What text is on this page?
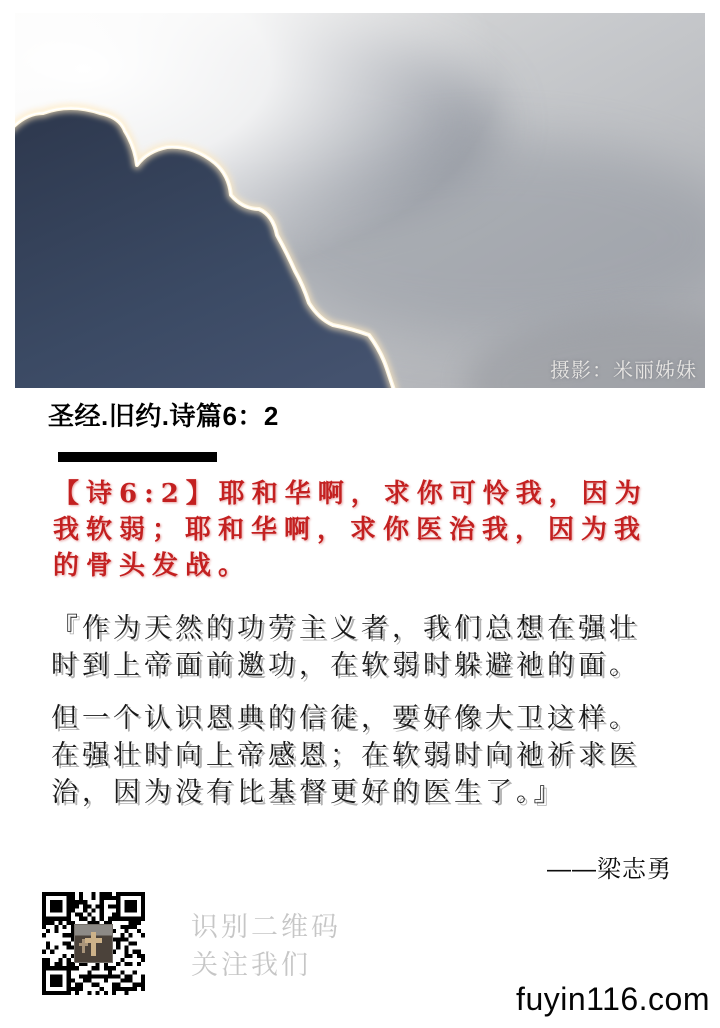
摄影：米丽姊妹
圣经.旧约.诗篇6：2
【诗6:2】耶和华啊，求你可怜我，因为
我软弱；耶和华啊，求你医治我，因为我
的骨头发战。
『作为天然的功劳主义者，我们总想在强壮
时到上帝面前邀功，在软弱时躲避祂的面。
但一个认识恩典的信徒，要好像大卫这样。
在强壮时向上帝感恩；在软弱时向祂祈求医
治，因为没有比基督更好的医生了。』
——梁志勇
识别二维码
关注我们
fuyin116.com
